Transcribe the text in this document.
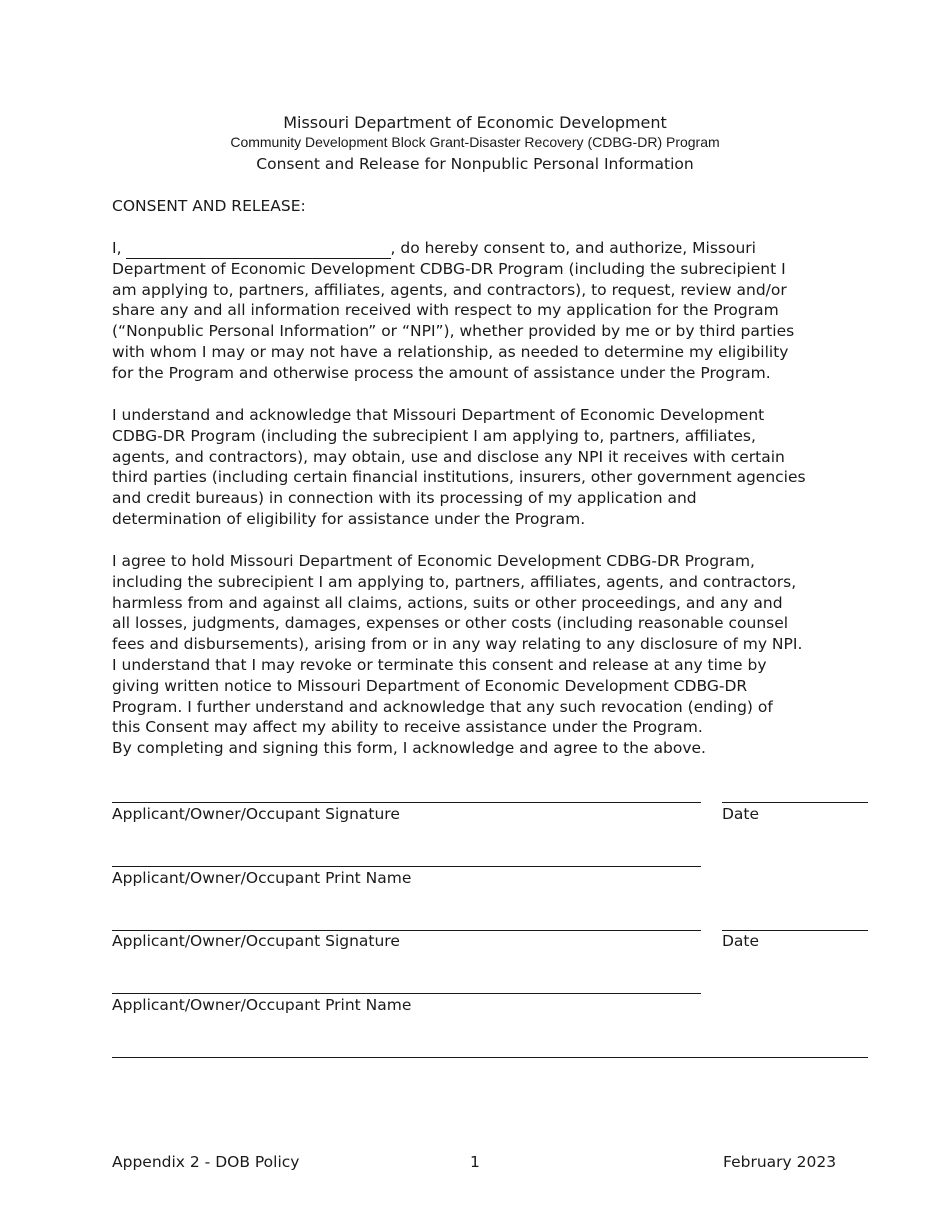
Missouri Department of Economic Development
Community Development Block Grant-Disaster Recovery (CDBG-DR) Program
Consent and Release for Nonpublic Personal Information
CONSENT AND RELEASE:
I,	, do hereby consent to, and authorize, Missouri
Department of Economic Development CDBG-DR Program (including the subrecipient I
am applying to, partners, affiliates, agents, and contractors), to request, review and/or
share any and all information received with respect to my application for the Program
(“Nonpublic Personal Information” or “NPI”), whether provided by me or by third parties
with whom I may or may not have a relationship, as needed to determine my eligibility
for the Program and otherwise process the amount of assistance under the Program.
I understand and acknowledge that Missouri Department of Economic Development
CDBG-DR Program (including the subrecipient I am applying to, partners, affiliates,
agents, and contractors), may obtain, use and disclose any NPI it receives with certain
third parties (including certain financial institutions, insurers, other government agencies
and credit bureaus) in connection with its processing of my application and
determination of eligibility for assistance under the Program.
I agree to hold Missouri Department of Economic Development CDBG-DR Program,
including the subrecipient I am applying to, partners, affiliates, agents, and contractors,
harmless from and against all claims, actions, suits or other proceedings, and any and
all losses, judgments, damages, expenses or other costs (including reasonable counsel
fees and disbursements), arising from or in any way relating to any disclosure of my NPI.
I understand that I may revoke or terminate this consent and release at any time by
giving written notice to Missouri Department of Economic Development CDBG-DR
Program. I further understand and acknowledge that any such revocation (ending) of
this Consent may affect my ability to receive assistance under the Program.
By completing and signing this form, I acknowledge and agree to the above.
Applicant/Owner/Occupant Signature	Date
Applicant/Owner/Occupant Print Name
Applicant/Owner/Occupant Signature	Date
Applicant/Owner/Occupant Print Name
Appendix 2 - DOB Policy	1	February 2023
